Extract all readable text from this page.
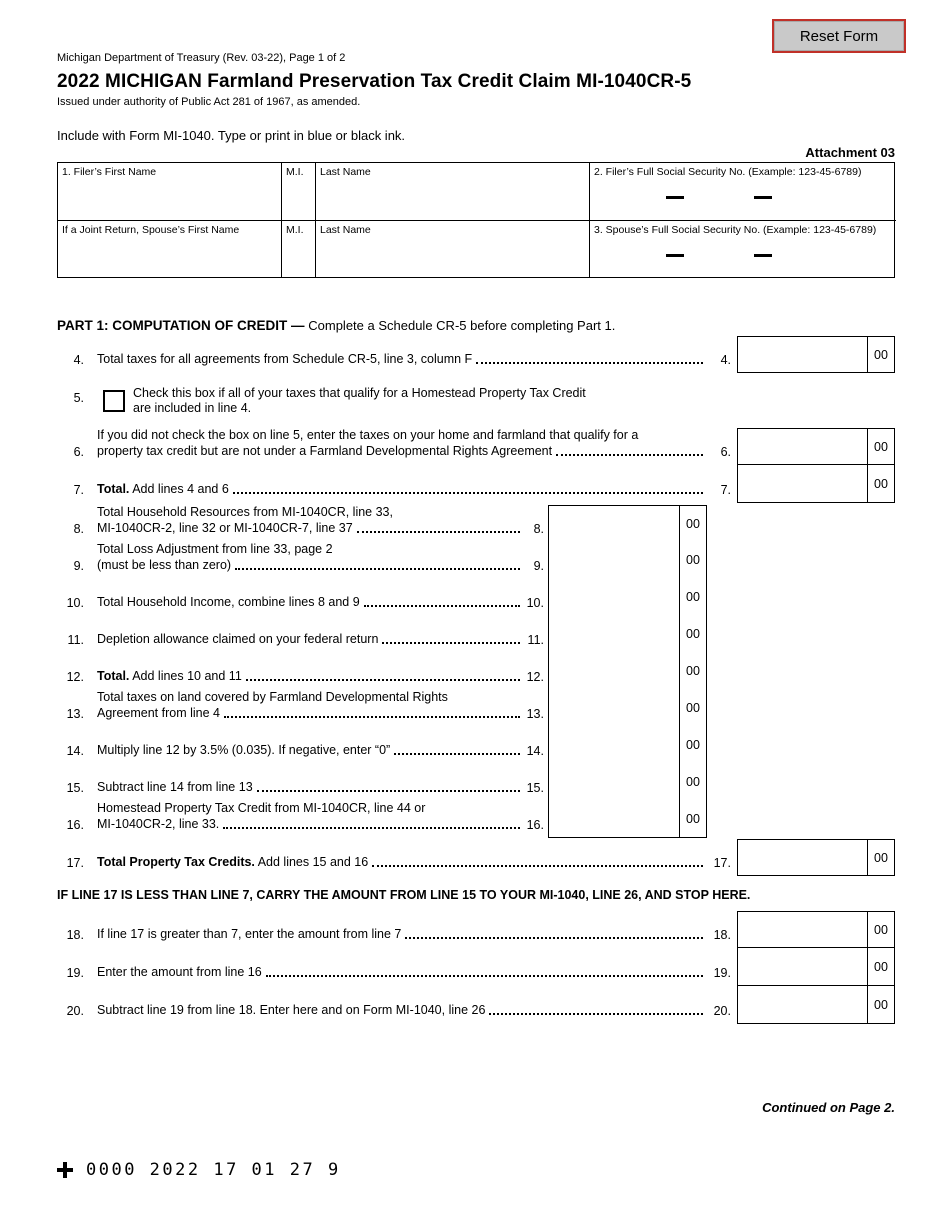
Reset Form
Michigan Department of Treasury (Rev. 03-22), Page 1 of 2
2022 MICHIGAN Farmland Preservation Tax Credit Claim MI-1040CR-5
Issued under authority of Public Act 281 of 1967, as amended.
Include with Form MI-1040. Type or print in blue or black ink.
Attachment 03
1. Filer’s First Name	M.I.	Last Name	2. Filer’s Full Social Security No. (Example: 123-45-6789)
If a Joint Return, Spouse’s First Name	M.I.	Last Name	3. Spouse’s Full Social Security No. (Example: 123-45-6789)
PART 1: COMPUTATION OF CREDIT — Complete a Schedule CR-5 before completing Part 1.
4. Total taxes for all agreements from Schedule CR-5, line 3, column F	4.	00
5.	Check this box if all of your taxes that qualify for a Homestead Property Tax Credit
are included in line 4.
6.
If you did not check the box on line 5, enter the taxes on your home and farmland that qualify for a
property tax credit but are not under a Farmland Developmental Rights Agreement	6.	00
7. Total. Add lines 4 and 6	7.	00
8.
Total Household Resources from MI-1040CR, line 33,
MI-1040CR-2, line 32 or MI-1040CR-7, line 37	8.	00
9.
Total Loss Adjustment from line 33, page 2
(must be less than zero)	9.	00
10. Total Household Income, combine lines 8 and 9	10.	00
11. Depletion allowance claimed on your federal return	11.	00
12. Total. Add lines 10 and 11	12.	00
13.
Total taxes on land covered by Farmland Developmental Rights
Agreement from line 4	13.	00
14. Multiply line 12 by 3.5% (0.035). If negative, enter “0”	14.	00
15. Subtract line 14 from line 13	15.	00
16.
Homestead Property Tax Credit from MI-1040CR, line 44 or
MI-1040CR-2, line 33.	16.	00
17. Total Property Tax Credits. Add lines 15 and 16	17.	00
IF LINE 17 IS LESS THAN LINE 7, CARRY THE AMOUNT FROM LINE 15 TO YOUR MI-1040, LINE 26, AND STOP HERE.
18. If line 17 is greater than 7, enter the amount from line 7	18.	00
19. Enter the amount from line 16	19.	00
20. Subtract line 19 from line 18. Enter here and on Form MI-1040, line 26	20.	00
Continued on Page 2.
0000 2022 17 01 27 9
